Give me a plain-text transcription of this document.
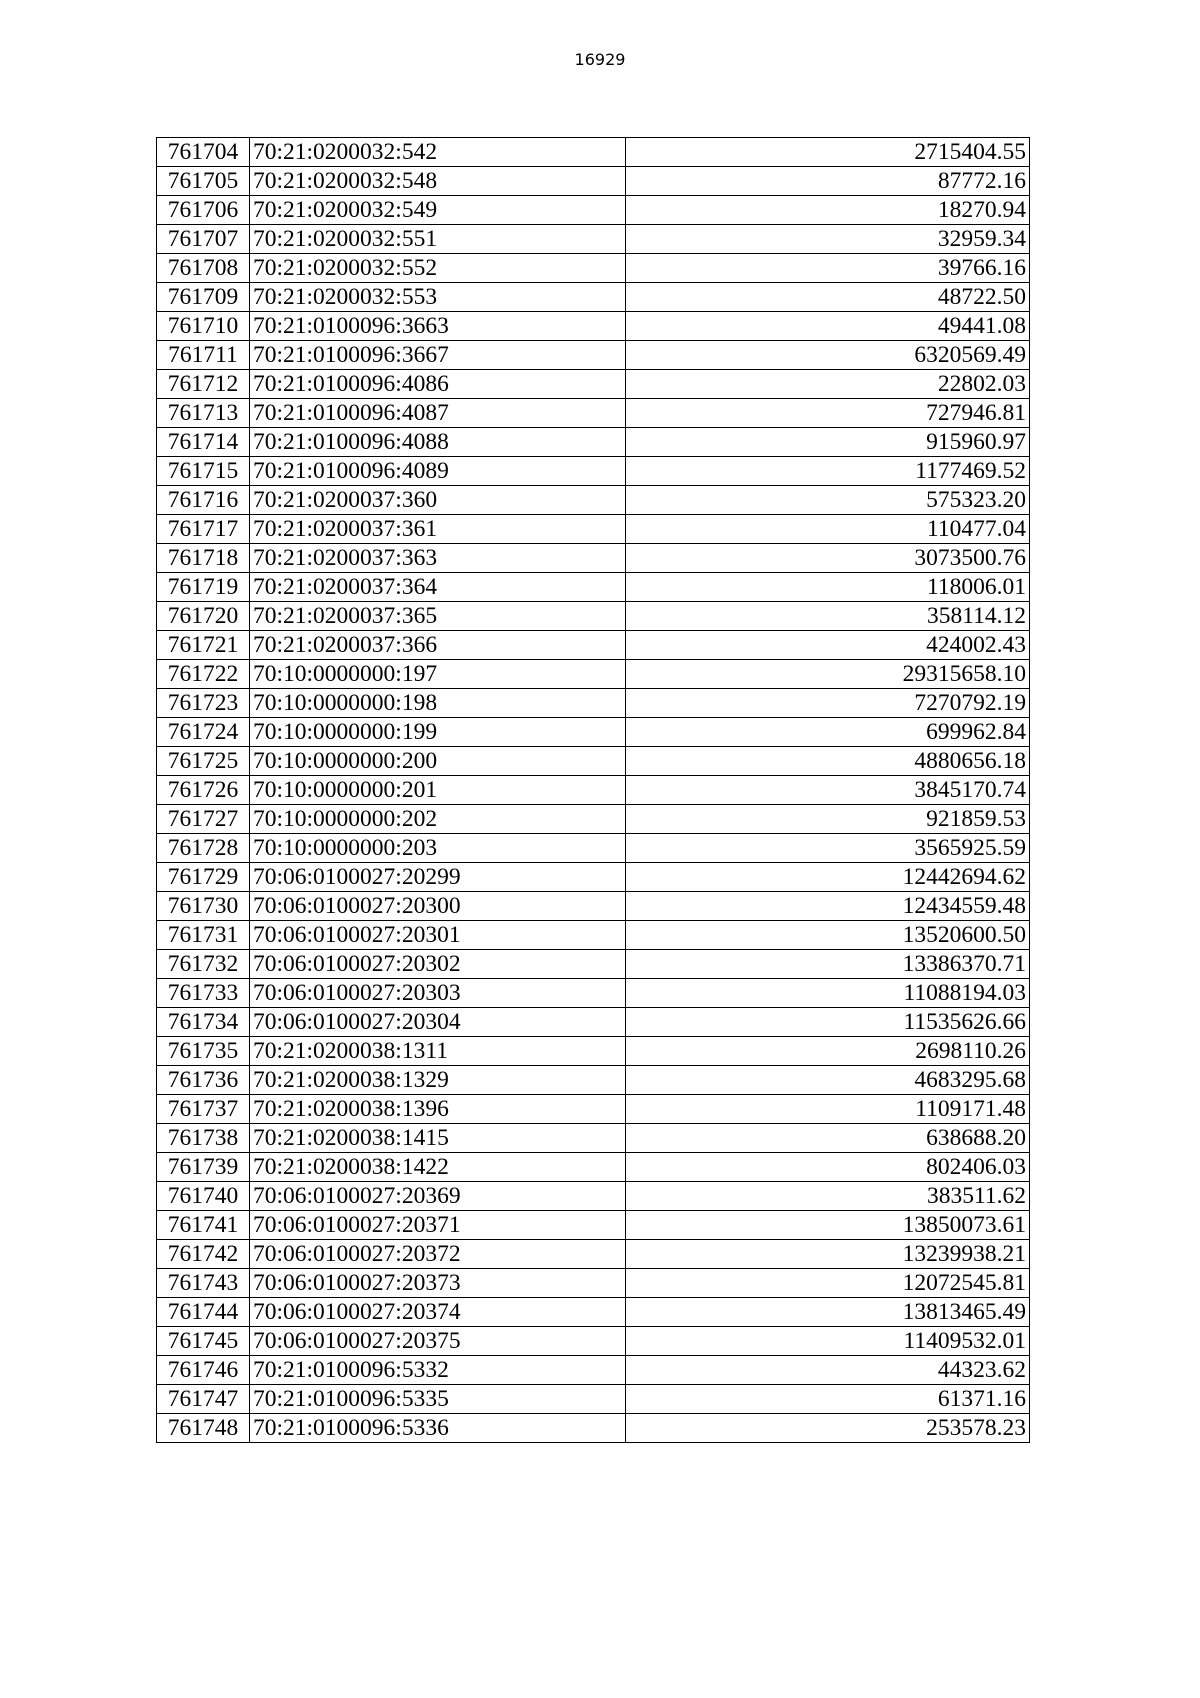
16929
761704	70:21:0200032:542	2715404.55
761705	70:21:0200032:548	87772.16
761706	70:21:0200032:549	18270.94
761707	70:21:0200032:551	32959.34
761708	70:21:0200032:552	39766.16
761709	70:21:0200032:553	48722.50
761710	70:21:0100096:3663	49441.08
761711	70:21:0100096:3667	6320569.49
761712	70:21:0100096:4086	22802.03
761713	70:21:0100096:4087	727946.81
761714	70:21:0100096:4088	915960.97
761715	70:21:0100096:4089	1177469.52
761716	70:21:0200037:360	575323.20
761717	70:21:0200037:361	110477.04
761718	70:21:0200037:363	3073500.76
761719	70:21:0200037:364	118006.01
761720	70:21:0200037:365	358114.12
761721	70:21:0200037:366	424002.43
761722	70:10:0000000:197	29315658.10
761723	70:10:0000000:198	7270792.19
761724	70:10:0000000:199	699962.84
761725	70:10:0000000:200	4880656.18
761726	70:10:0000000:201	3845170.74
761727	70:10:0000000:202	921859.53
761728	70:10:0000000:203	3565925.59
761729	70:06:0100027:20299	12442694.62
761730	70:06:0100027:20300	12434559.48
761731	70:06:0100027:20301	13520600.50
761732	70:06:0100027:20302	13386370.71
761733	70:06:0100027:20303	11088194.03
761734	70:06:0100027:20304	11535626.66
761735	70:21:0200038:1311	2698110.26
761736	70:21:0200038:1329	4683295.68
761737	70:21:0200038:1396	1109171.48
761738	70:21:0200038:1415	638688.20
761739	70:21:0200038:1422	802406.03
761740	70:06:0100027:20369	383511.62
761741	70:06:0100027:20371	13850073.61
761742	70:06:0100027:20372	13239938.21
761743	70:06:0100027:20373	12072545.81
761744	70:06:0100027:20374	13813465.49
761745	70:06:0100027:20375	11409532.01
761746	70:21:0100096:5332	44323.62
761747	70:21:0100096:5335	61371.16
761748	70:21:0100096:5336	253578.23
